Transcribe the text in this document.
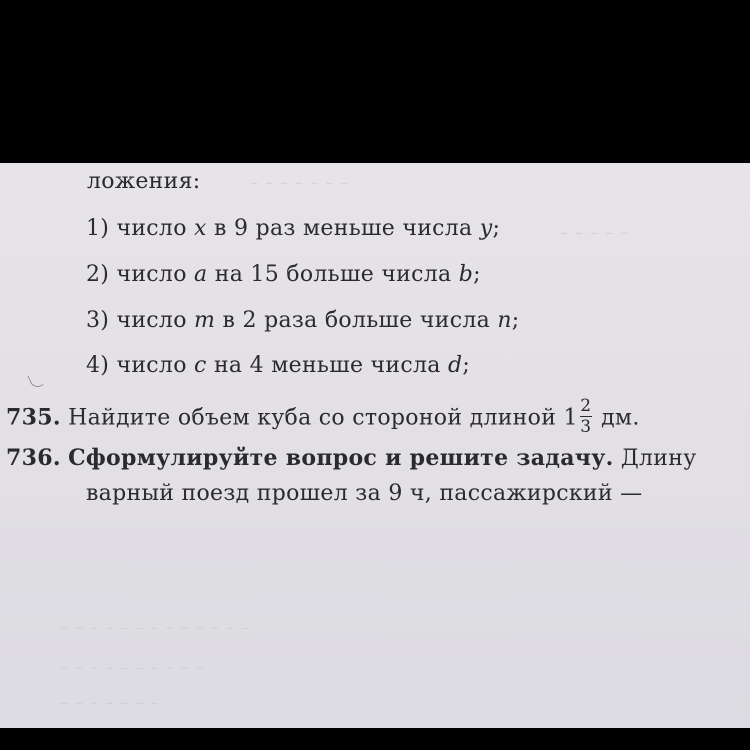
– – – – – – –
– – – – –
– – – – – – – – – – – – –
– – – – – – – – – –
– – – – – – –
ложения:
1) число x в 9 раз меньше числа y;
2) число a на 15 больше числа b;
3) число m в 2 раза больше числа n;
4) число c на 4 меньше числа d;
735. Найдите объем куба со стороной длиной $1 \frac{2}{3}$ дм.
736. Сформулируйте вопрос и решите задачу. Длину
варный поезд прошел за 9 ч, пассажирский —
